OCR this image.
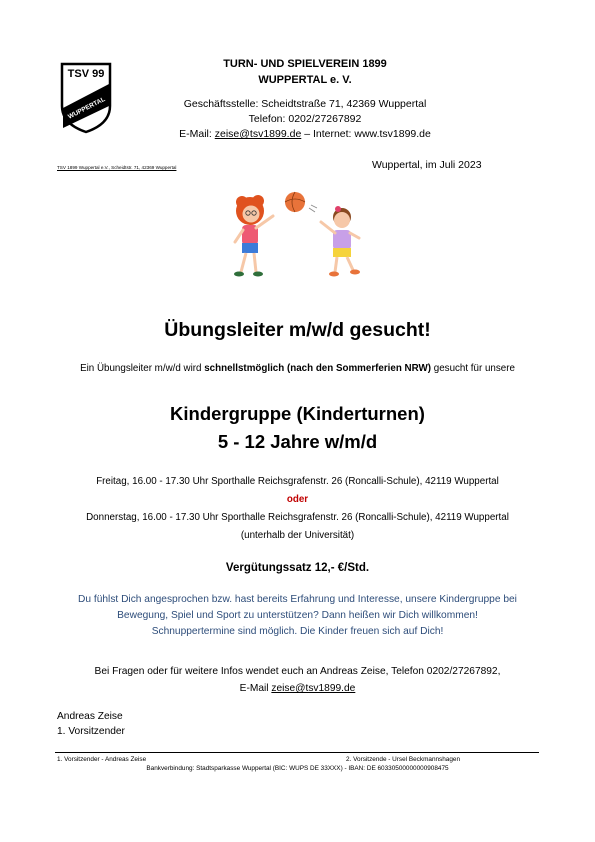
TSV 99
WUPPERTAL
TURN- UND SPIELVEREIN 1899
WUPPERTAL e. V.
Geschäftsstelle: Scheidtstraße 71, 42369 Wuppertal
Telefon: 0202/27267892
E-Mail: zeise@tsv1899.de – Internet: www.tsv1899.de
TSV 1899 Wuppertal e.V., Scheidtstr. 71, 42369 Wuppertal	Wuppertal, im Juli 2023
Übungsleiter m/w/d gesucht!
Ein Übungsleiter m/w/d wird schnellstmöglich (nach den Sommerferien NRW) gesucht für unsere
Kindergruppe (Kinderturnen)
5 - 12 Jahre w/m/d
Freitag, 16.00 - 17.30 Uhr Sporthalle Reichsgrafenstr. 26 (Roncalli-Schule), 42119 Wuppertal
oder
Donnerstag, 16.00 - 17.30 Uhr Sporthalle Reichsgrafenstr. 26 (Roncalli-Schule), 42119 Wuppertal
(unterhalb der Universität)
Vergütungssatz 12,- €/Std.
Du fühlst Dich angesprochen bzw. hast bereits Erfahrung und Interesse, unsere Kindergruppe bei
Bewegung, Spiel und Sport zu unterstützen? Dann heißen wir Dich willkommen!
Schnuppertermine sind möglich. Die Kinder freuen sich auf Dich!
Bei Fragen oder für weitere Infos wendet euch an Andreas Zeise, Telefon 0202/27267892,
E-Mail zeise@tsv1899.de
Andreas Zeise
1. Vorsitzender
1. Vorsitzender - Andreas Zeise	2. Vorsitzende - Ursel Beckmannshagen
Bankverbindung: Stadtsparkasse Wuppertal (BIC: WUPS DE 33XXX) - IBAN: DE 60330500000000908475
